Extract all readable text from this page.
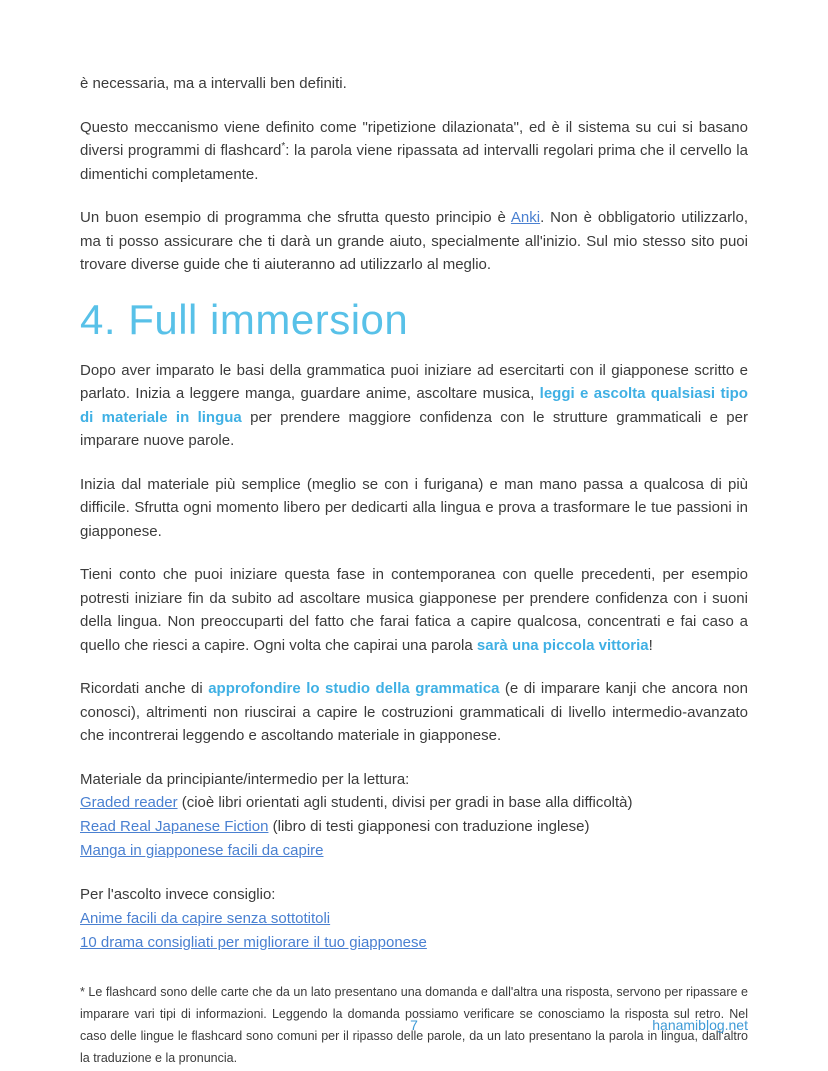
è necessaria, ma a intervalli ben definiti.

Questo meccanismo viene definito come "ripetizione dilazionata", ed è il sistema su cui si basano diversi programmi di flashcard*: la parola viene ripassata ad intervalli regolari prima che il cervello la dimentichi completamente.

Un buon esempio di programma che sfrutta questo principio è Anki. Non è obbligatorio utilizzarlo, ma ti posso assicurare che ti darà un grande aiuto, specialmente all'inizio. Sul mio stesso sito puoi trovare diverse guide che ti aiuteranno ad utilizzarlo al meglio.

4. Full immersion

Dopo aver imparato le basi della grammatica puoi iniziare ad esercitarti con il giapponese scritto e parlato. Inizia a leggere manga, guardare anime, ascoltare musica, leggi e ascolta qualsiasi tipo di materiale in lingua per prendere maggiore confidenza con le strutture grammaticali e per imparare nuove parole.

Inizia dal materiale più semplice (meglio se con i furigana) e man mano passa a qualcosa di più difficile. Sfrutta ogni momento libero per dedicarti alla lingua e prova a trasformare le tue passioni in giapponese.

Tieni conto che puoi iniziare questa fase in contemporanea con quelle precedenti, per esempio potresti iniziare fin da subito ad ascoltare musica giapponese per prendere confidenza con i suoni della lingua. Non preoccuparti del fatto che farai fatica a capire qualcosa, concentrati e fai caso a quello che riesci a capire. Ogni volta che capirai una parola sarà una piccola vittoria!

Ricordati anche di approfondire lo studio della grammatica (e di imparare kanji che ancora non conosci), altrimenti non riuscirai a capire le costruzioni grammaticali di livello intermedio-avanzato che incontrerai leggendo e ascoltando materiale in giapponese.

Materiale da principiante/intermedio per la lettura:

Graded reader (cioè libri orientati agli studenti, divisi per gradi in base alla difficoltà)
Read Real Japanese Fiction (libro di testi giapponesi con traduzione inglese)
Manga in giapponese facili da capire

Per l'ascolto invece consiglio:

Anime facili da capire senza sottotitoli
10 drama consigliati per migliorare il tuo giapponese

* Le flashcard sono delle carte che da un lato presentano una domanda e dall'altra una risposta, servono per ripassare e imparare vari tipi di informazioni. Leggendo la domanda possiamo verificare se conosciamo la risposta sul retro. Nel caso delle lingue le flashcard sono comuni per il ripasso delle parole, da un lato presentano la parola in lingua, dall'altro la traduzione e la pronuncia.

7	hanamiblog.net
